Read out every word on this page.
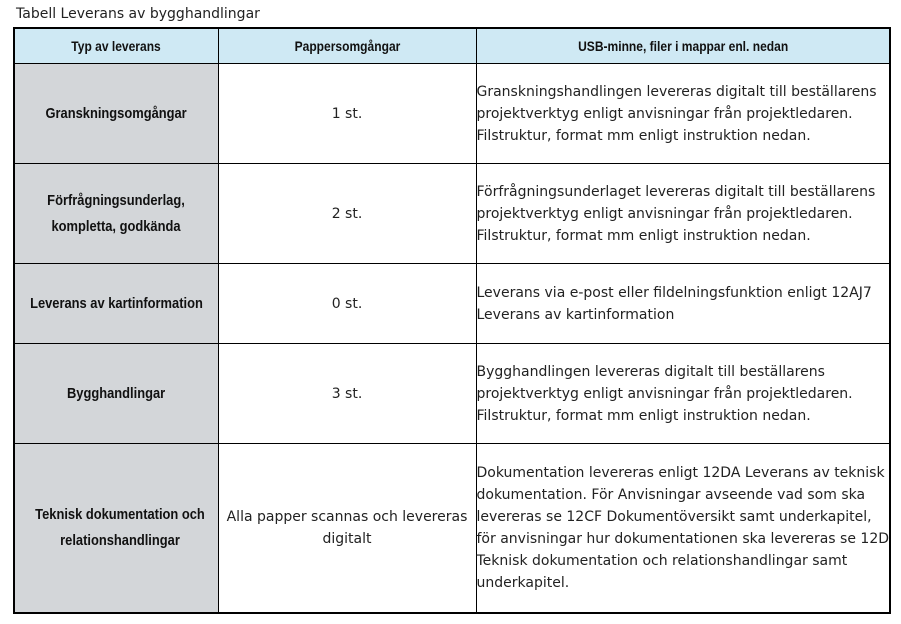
Tabell Leverans av bygghandlingar
Typ av leverans	Pappersomgångar	USB-minne, filer i mappar enl. nedan
Granskningsomgångar	1 st.	Granskningshandlingen levereras digitalt till beställarens projektverktyg enligt anvisningar från projektledaren. Filstruktur, format mm enligt instruktion nedan.

Förfrågningsunderlag, kompletta, godkända	2 st.	Förfrågningsunderlaget levereras digitalt till beställarens projektverktyg enligt anvisningar från projektledaren. Filstruktur, format mm enligt instruktion nedan.

Leverans av kartinformation	0 st.	Leverans via e-post eller fildelningsfunktion enligt 12AJ7 Leverans av kartinformation

Bygghandlingar	3 st.	Bygghandlingen levereras digitalt till beställarens projektverktyg enligt anvisningar från projektledaren. Filstruktur, format mm enligt instruktion nedan.

Teknisk dokumentation och relationshandlingar	Alla papper scannas och levereras digitalt	Dokumentation levereras enligt 12DA Leverans av teknisk dokumentation. För Anvisningar avseende vad som ska levereras se 12CF Dokumentöversikt samt underkapitel, för anvisningar hur dokumentationen ska levereras se 12D Teknisk dokumentation och relationshandlingar samt underkapitel.
